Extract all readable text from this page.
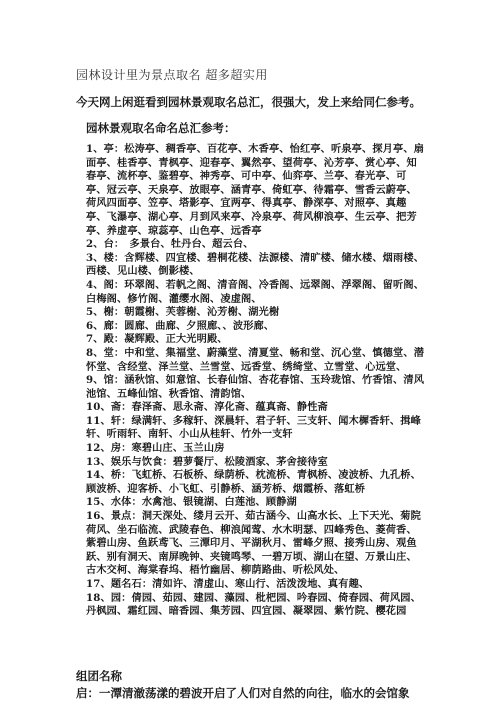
园林设计里为景点取名 超多超实用
今天网上闲逛看到园林景观取名总汇，很强大，发上来给同仁参考。
园林景观取名命名总汇参考：

1、亭：松涛亭、稠香亭、百花亭、木香亭、怡红亭、听泉亭、探月亭、扇面亭、桂香亭、青枫亭、迎春亭、翼然亭、望荷亭、沁芳亭、赏心亭、知春亭、流杯亭、鉴碧亭、神秀亭、可中亭、仙弈亭、兰亭、春光亭、可亭、冠云亭、天泉亭、放眼亭、涵青亭、倚虹亭、待霜亭、雪香云蔚亭、荷风四面亭、笠亭、塔影亭、宜两亭、得真亭、静深亭、对照亭、真趣亭、飞瀑亭、湖心亭、月到风来亭、冷泉亭、荷风柳浪亭、生云亭、把芳亭、养虚亭、琼蕊亭、山色亭、远香亭

2、台：　多景台、牡丹台、超云台、

3、楼：含辉楼、四宜楼、碧桐花楼、法源楼、清旷楼、储水楼、烟雨楼、西楼、见山楼、倒影楼、

4、阁：环翠阁、若帆之阁、清音阁、冷香阁、远翠阁、浮翠阁、留听阁、白梅阁、修竹阁、灌缨水阁、凌虚阁、

5、榭：朝霞榭、芙蓉榭、沁芳榭、湖光榭

6、廊：圆廊、曲廊、夕照廊、、波形廊、

7、殿：凝辉殿、正大光明殿、

8、堂：中和堂、集福堂、蔚藻堂、清夏堂、畅和堂、沉心堂、慎德堂、潜怀堂、含经堂、泽兰堂、兰雪堂、远香堂、绣绮堂、立雪堂、心远堂、

9、馆：涵秋馆、如意馆、长春仙馆、杏花春馆、玉玲珑馆、竹香馆、清风池馆、五峰仙馆、秋香馆、清韵馆、

10、斋：春泽斋、思永斋、淳化斋、蕴真斋、静性斋

11、轩：绿满轩、多稼轩、深晨轩、君子轩、三支轩、闻木樨香轩、揖峰轩、听雨轩、南轩、小山从桂轩、竹外一支轩

12、房：寒碧山庄、玉兰山房

13、娱乐与饮食：碧萝餐厅、松陵酒家、茅舍接待室

14、桥：飞虹桥、石板桥、绿荫桥、枕流桥、青枫桥、凌波桥、九孔桥、顾波桥、迎客桥、小飞虹、引静桥、涵芳桥、烟霞桥、落虹桥

15、水体：水禽池、银镜湖、白莲池、顾静湖

16、景点：洞天深处、缕月云开、茹古涵今、山高水长、上下天光、菊院荷风、坐石临流、武陵春色、柳浪闻莺、水木明瑟、四峰秀色、菱荷香、紫碧山房、鱼跃鸢飞、三潭印月、平湖秋月、雷峰夕照、接秀山房、观鱼跃、别有洞天、南屏晚钟、夹镜鸣琴、一碧万顷、湖山在望、万景山庄、古木交柯、海棠春坞、梧竹幽居、柳荫路曲、听松风处、

17、题名石：清如许、清虚山、寒山行、活泼泼地、真有趣、

18、园：倩园、茹园、建园、藻园、枇杷园、吟春园、倚春园、荷风园、丹枫园、霜红园、暗香园、集芳园、四宜园、凝翠园、紫竹院、樱花园

组团名称
启：一潭清澈荡漾的碧波开启了人们对自然的向往，临水的会馆象
